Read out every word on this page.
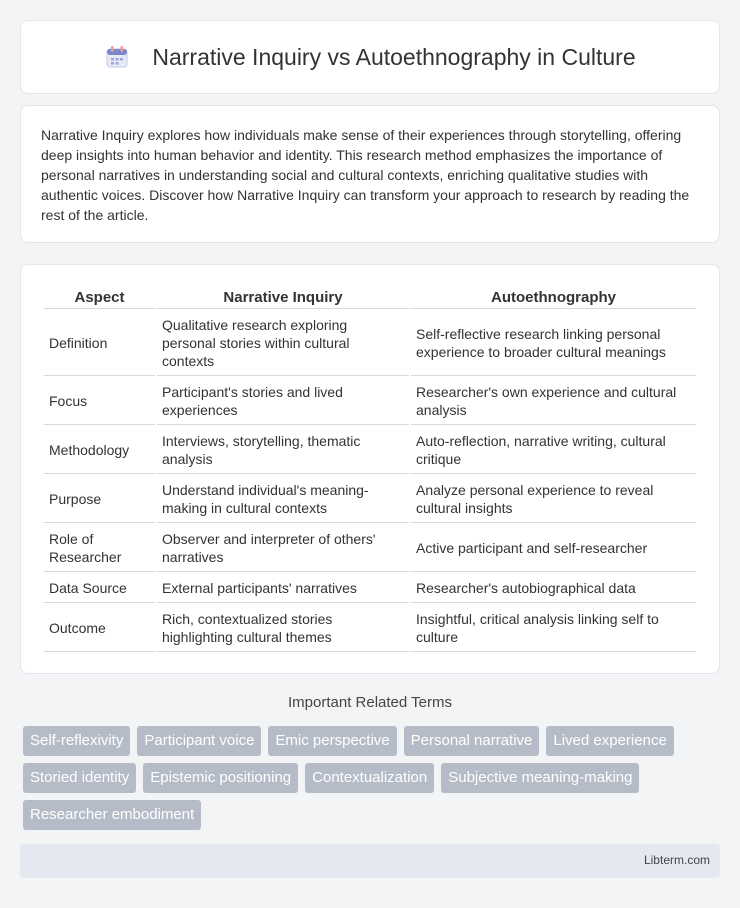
Narrative Inquiry vs Autoethnography in Culture

Narrative Inquiry explores how individuals make sense of their experiences through storytelling, offering deep insights into human behavior and identity. This research method emphasizes the importance of personal narratives in understanding social and cultural contexts, enriching qualitative studies with authentic voices. Discover how Narrative Inquiry can transform your approach to research by reading the rest of the article.

Aspect	Narrative Inquiry	Autoethnography
Definition	Qualitative research exploring personal stories within cultural contexts	Self-reflective research linking personal experience to broader cultural meanings
Focus	Participant's stories and lived experiences	Researcher's own experience and cultural analysis
Methodology	Interviews, storytelling, thematic analysis	Auto-reflection, narrative writing, cultural critique
Purpose	Understand individual's meaning-making in cultural contexts	Analyze personal experience to reveal cultural insights
Role of Researcher	Observer and interpreter of others' narratives	Active participant and self-researcher
Data Source	External participants' narratives	Researcher's autobiographical data
Outcome	Rich, contextualized stories highlighting cultural themes	Insightful, critical analysis linking self to culture
Important Related Terms
Self-reflexivity	Participant voice	Emic perspective	Personal narrative	Lived experience
Storied identity	Epistemic positioning	Contextualization	Subjective meaning-making
Researcher embodiment
Libterm.com
